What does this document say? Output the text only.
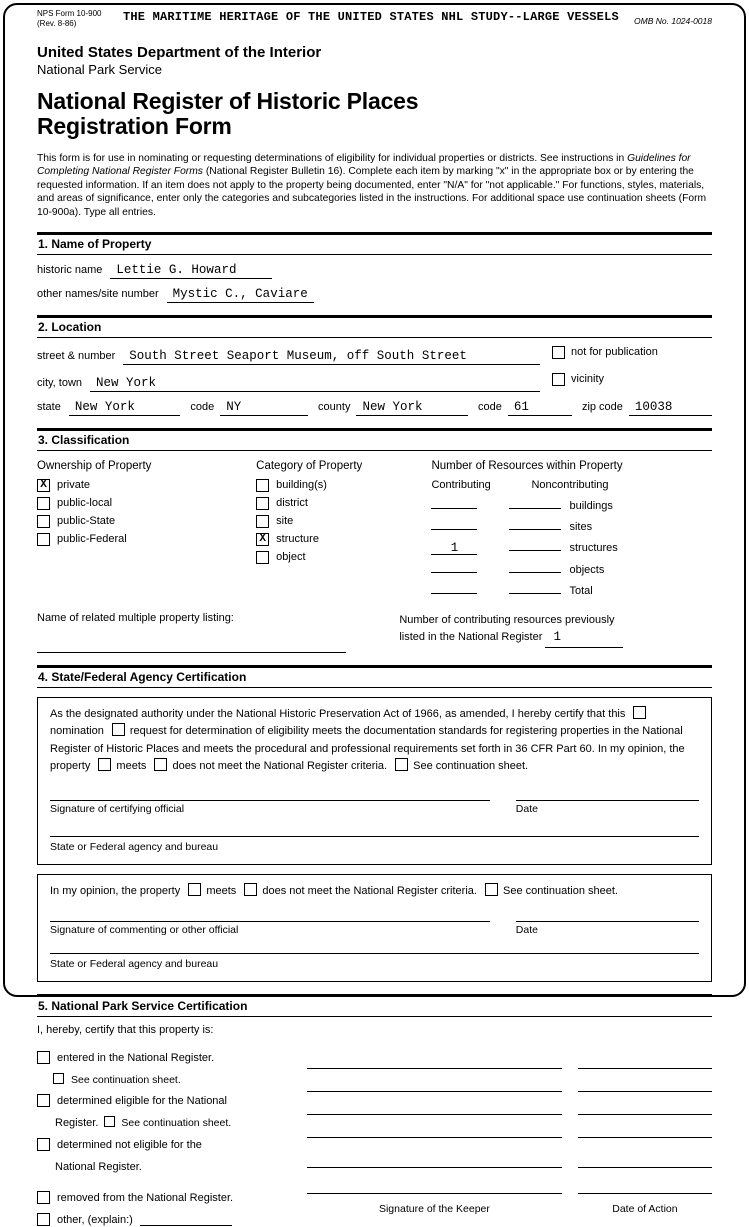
NPS Form 10-900
(Rev. 8-86)	THE MARITIME HERITAGE OF THE UNITED STATES NHL STUDY--LARGE VESSELS OMB No. 1024-0018
United States Department of the Interior
National Park Service
National Register of Historic Places
Registration Form

This form is for use in nominating or requesting determinations of eligibility for individual properties or districts. See instructions in Guidelines for Completing National Register Forms (National Register Bulletin 16). Complete each item by marking "x" in the appropriate box or by entering the requested information. If an item does not apply to the property being documented, enter "N/A" for "not applicable." For functions, styles, materials, and areas of significance, enter only the categories and subcategories listed in the instructions. For additional space use continuation sheets (Form 10-900a). Type all entries.

1. Name of Property
historic name	Lettie G. Howard
other names/site number	Mystic C., Caviare
2. Location
street & number	South Street Seaport Museum, off South Street	not for publication
city, town	New York	vicinity
state	New York	code NY	county New York	code 61	zip code 10038
3. Classification
Ownership of Property
X private
public-local
public-State
public-Federal
Category of Property
building(s)
district
site
X structure
object
Number of Resources within Property
Contributing	Noncontributing
buildings
sites
1	structures
objects
Total
Name of related multiple property listing:	Number of contributing resources previously
listed in the National Register 1
4. State/Federal Agency Certification

As the designated authority under the National Historic Preservation Act of 1966, as amended, I hereby certify that this nomination request for determination of eligibility meets the documentation standards for registering properties in the National Register of Historic Places and meets the procedural and professional requirements set forth in 36 CFR Part 60. In my opinion, the property meets does not meet the National Register criteria. See continuation sheet.

Signature of certifying official	Date
State or Federal agency and bureau

In my opinion, the property meets does not meet the National Register criteria. See continuation sheet.

Signature of commenting or other official	Date
State or Federal agency and bureau
5. National Park Service Certification
I, hereby, certify that this property is:
entered in the National Register.
See continuation sheet.
determined eligible for the National
Register. See continuation sheet.
determined not eligible for the
National Register.
removed from the National Register.
other, (explain:)
Signature of the Keeper	Date of Action
